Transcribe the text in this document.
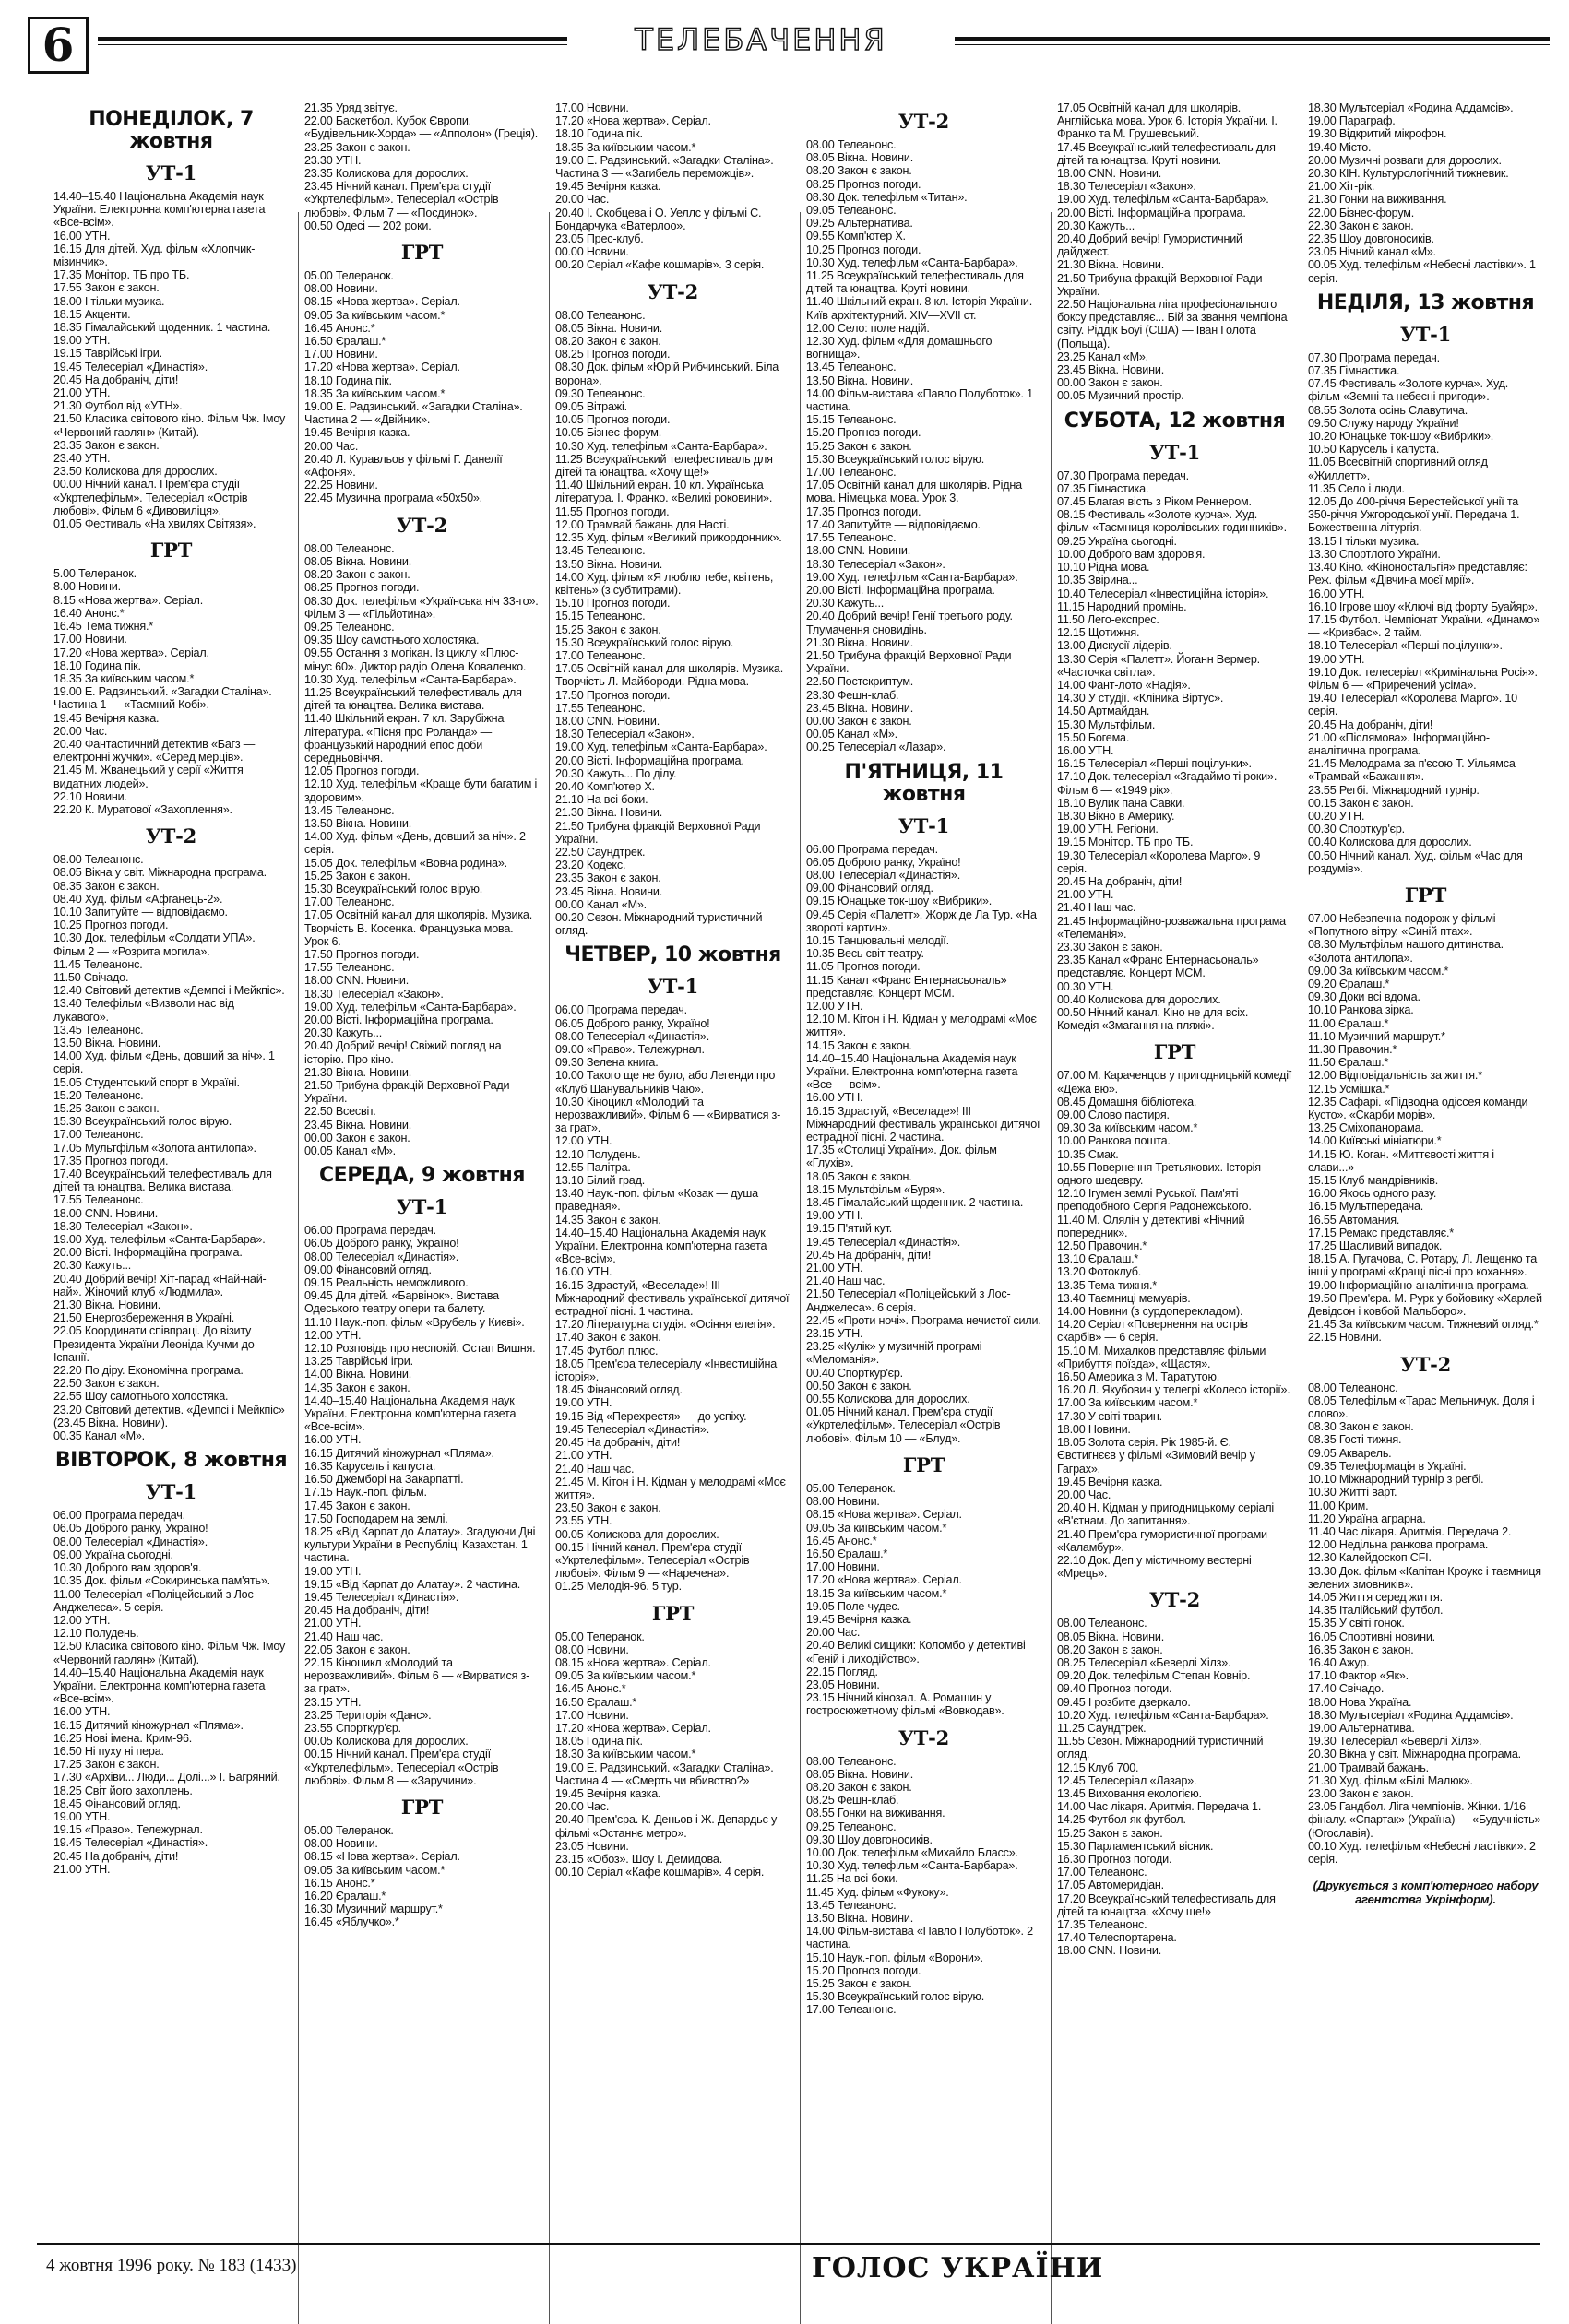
6	ТЕЛЕБАЧЕННЯ
ПОНЕДІЛОК, 7 жовтня
УТ-1
14.40–15.40 Національна Академія наук України. Електронна комп'ютерна газета «Все-всім».
16.00 УТН.
16.15 Для дітей. Худ. фільм «Хлопчик-мізинчик».
17.35 Монітор. ТБ про ТБ.
17.55 Закон є закон.
18.00 І тільки музика.
18.15 Акценти.
18.35 Гімалайський щоденник. 1 частина.
19.00 УТН.
19.15 Таврійські ігри.
19.45 Телесеріал «Династія».
20.45 На добраніч, діти!
21.00 УТН.
21.30 Футбол від «УТН».
21.50 Класика світового кіно. Фільм Чж. Імоу «Червоний гаолян» (Китай).
23.35 Закон є закон.
23.40 УТН.
23.50 Колискова для дорослих.
00.00 Нічний канал. Прем'єра студії «Укртелефільм». Телесеріал «Острів любові». Фільм 6 «Дивовиліця».
01.05 Фестиваль «На хвилях Світязя».
ГРТ
5.00 Телеранок.
8.00 Новини.
8.15 «Нова жертва». Серіал.
16.40 Анонс.*
16.45 Тема тижня.*
17.00 Новини.
17.20 «Нова жертва». Серіал.
18.10 Година пік.
18.35 За київським часом.*
19.00 Е. Радзинський. «Загадки Сталіна». Частина 1 — «Таємний Кобі».
19.45 Вечірня казка.
20.00 Час.
20.40 Фантастичний детектив «Багз — електронні жучки». «Серед мерців».
21.45 М. Жванецький у серії «Життя видатних людей».
22.10 Новини.
22.20 К. Муратової «Захоплення».
УТ-2
08.00 Телеанонс.
08.05 Вікна у світ. Міжнародна програма.
08.35 Закон є закон.
08.40 Худ. фільм «Афганець-2».
10.10 Запитуйте — відповідаємо.
10.25 Прогноз погоди.
10.30 Док. телефільм «Солдати УПА». Фільм 2 — «Розрита могила».
11.45 Телеанонс.
11.50 Свічадо.
12.40 Світовий детектив «Демпсі і Мейкпіс».
13.40 Телефільм «Визволи нас від лукавого».
13.45 Телеанонс.
13.50 Вікна. Новини.
14.00 Худ. фільм «День, довший за ніч». 1 серія.
15.05 Студентський спорт в Україні.
15.20 Телеанонс.
15.25 Закон є закон.
15.30 Всеукраїнський голос вірую.
17.00 Телеанонс.
17.05 Мультфільм «Золота антилопа».
17.35 Прогноз погоди.
17.40 Всеукраїнський телефестиваль для дітей та юнацтва. Велика вистава.
17.55 Телеанонс.
18.00 CNN. Новини.
18.30 Телесеріал «Закон».
19.00 Худ. телефільм «Санта-Барбара».
20.00 Вісті. Інформаційна програма.
20.30 Кажуть...
20.40 Добрий вечір! Хіт-парад «Най-най-най». Жіночий клуб «Людмила».
21.30 Вікна. Новини.
21.50 Енергозбереження в Україні.
22.05 Координати співпраці. До візиту Президента України Леоніда Кучми до Іспанії.
22.20 По діру. Економічна програма.
22.50 Закон є закон.
22.55 Шоу самотнього холостяка.
23.20 Світовий детектив. «Демпсі і Мейкпіс» (23.45 Вікна. Новини).
00.35 Канал «М».
ВІВТОРОК, 8 жовтня
УТ-1
06.00 Програма передач.
06.05 Доброго ранку, Україно!
08.00 Телесеріал «Династія».
09.00 Україна сьогодні.
10.30 Доброго вам здоров'я.
10.35 Док. фільм «Сокиринська пам'ять».
11.00 Телесеріал «Поліцейський з Лос-Анджелеса». 5 серія.
12.00 УТН.
12.10 Полудень.
12.50 Класика світового кіно. Фільм Чж. Імоу «Червоний гаолян» (Китай).
14.40–15.40 Національна Академія наук України. Електронна комп'ютерна газета «Все-всім».
16.00 УТН.
16.15 Дитячий кіножурнал «Пляма».
16.25 Нові імена. Крим-96.
16.50 Ні пуху ні пера.
17.25 Закон є закон.
17.30 «Архіви... Люди... Долі...» І. Багряний.
18.25 Світ його захоплень.
18.45 Фінансовий огляд.
19.00 УТН.
19.15 «Право». Тележурнал.
19.45 Телесеріал «Династія».
20.45 На добраніч, діти!
21.00 УТН.
21.35 Уряд звітує.
22.00 Баскетбол. Кубок Європи. «Будівельник-Хорда» — «Апполон» (Греція).
23.25 Закон є закон.
23.30 УТН.
23.35 Колискова для дорослих.
23.45 Нічний канал. Прем'єра студії «Укртелефільм». Телесеріал «Острів любові». Фільм 7 — «Посдинок».
00.50 Одесі — 202 роки.
ГРТ
05.00 Телеранок.
08.00 Новини.
08.15 «Нова жертва». Серіал.
09.05 За київським часом.*
16.45 Анонс.*
16.50 Єралаш.*
17.00 Новини.
17.20 «Нова жертва». Серіал.
18.10 Година пік.
18.35 За київським часом.*
19.00 Е. Радзинський. «Загадки Сталіна». Частина 2 — «Двійник».
19.45 Вечірня казка.
20.00 Час.
20.40 Л. Куравльов у фільмі Г. Данелії «Афоня».
22.25 Новини.
22.45 Музична програма «50х50».
УТ-2
08.00 Телеанонс.
08.05 Вікна. Новини.
08.20 Закон є закон.
08.25 Прогноз погоди.
08.30 Док. телефільм «Українська ніч 33-го». Фільм 3 — «Гільйотина».
09.25 Телеанонс.
09.35 Шоу самотнього холостяка.
09.55 Остання з могікан. Із циклу «Плюс-мінус 60». Диктор радіо Олена Коваленко.
10.30 Худ. телефільм «Санта-Барбара».
11.25 Всеукраїнський телефестиваль для дітей та юнацтва. Велика вистава.
11.40 Шкільний екран. 7 кл. Зарубіжна література. «Пісня про Роланда» — французький народний епос доби середньовіччя.
12.05 Прогноз погоди.
12.10 Худ. телефільм «Краще бути багатим і здоровим».
13.45 Телеанонс.
13.50 Вікна. Новини.
14.00 Худ. фільм «День, довший за ніч». 2 серія.
15.05 Док. телефільм «Вовча родина».
15.25 Закон є закон.
15.30 Всеукраїнський голос вірую.
17.00 Телеанонс.
17.05 Освітній канал для школярів. Музика. Творчість В. Косенка. Французька мова. Урок 6.
17.50 Прогноз погоди.
17.55 Телеанонс.
18.00 CNN. Новини.
18.30 Телесеріал «Закон».
19.00 Худ. телефільм «Санта-Барбара».
20.00 Вісті. Інформаційна програма.
20.30 Кажуть...
20.40 Добрий вечір! Свіжий погляд на історію. Про кіно.
21.30 Вікна. Новини.
21.50 Трибуна фракцій Верховної Ради України.
22.50 Всесвіт.
23.45 Вікна. Новини.
00.00 Закон є закон.
00.05 Канал «М».
СЕРЕДА, 9 жовтня
УТ-1
06.00 Програма передач.
06.05 Доброго ранку, Україно!
08.00 Телесеріал «Династія».
09.00 Фінансовий огляд.
09.15 Реальність неможливого.
09.45 Для дітей. «Барвінок». Вистава Одеського театру опери та балету.
11.10 Наук.-поп. фільм «Врубель у Києві».
12.00 УТН.
12.10 Розповідь про неспокій. Остап Вишня.
13.25 Таврійські ігри.
14.00 Вікна. Новини.
14.35 Закон є закон.
14.40–15.40 Національна Академія наук України. Електронна комп'ютерна газета «Все-всім».
16.00 УТН.
16.15 Дитячий кіножурнал «Пляма».
16.35 Карусель і капуста.
16.50 Джемборі на Закарпатті.
17.15 Наук.-поп. фільм.
17.45 Закон є закон.
17.50 Господарем на землі.
18.25 «Від Карпат до Алатау». Згадуючи Дні культури України в Республіці Казахстан. 1 частина.
19.00 УТН.
19.15 «Від Карпат до Алатау». 2 частина.
19.45 Телесеріал «Династія».
20.45 На добраніч, діти!
21.00 УТН.
21.40 Наш час.
22.05 Закон є закон.
22.15 Кіноцикл «Молодий та нерозважливий». Фільм 6 — «Вирватися з-за грат».
23.15 УТН.
23.25 Територія «Данс».
23.55 Спорткур'єр.
00.05 Колискова для дорослих.
00.15 Нічний канал. Прем'єра студії «Укртелефільм». Телесеріал «Острів любові». Фільм 8 — «Заручини».
ГРТ
05.00 Телеранок.
08.00 Новини.
08.15 «Нова жертва». Серіал.
09.05 За київським часом.*
16.15 Анонс.*
16.20 Єралаш.*
16.30 Музичний маршрут.*
16.45 «Яблучко».*
17.00 Новини.
17.20 «Нова жертва». Серіал.
18.10 Година пік.
18.35 За київським часом.*
19.00 Е. Радзинський. «Загадки Сталіна». Частина 3 — «Загибель переможців».
19.45 Вечірня казка.
20.00 Час.
20.40 І. Скобцева і О. Уеллс у фільмі С. Бондарчука «Ватерлоо».
23.05 Прес-клуб.
00.00 Новини.
00.20 Серіал «Кафе кошмарів». 3 серія.
УТ-2
08.00 Телеанонс.
08.05 Вікна. Новини.
08.20 Закон є закон.
08.25 Прогноз погоди.
08.30 Док. фільм «Юрій Рибчинський. Біла ворона».
09.30 Телеанонс.
09.05 Вітражі.
10.05 Прогноз погоди.
10.05 Бізнес-форум.
10.30 Худ. телефільм «Санта-Барбара».
11.25 Всеукраїнський телефестиваль для дітей та юнацтва. «Хочу ще!»
11.40 Шкільний екран. 10 кл. Українська література. І. Франко. «Великі роковини».
11.55 Прогноз погоди.
12.00 Трамвай бажань для Насті.
12.35 Худ. фільм «Великий прикордонник».
13.45 Телеанонс.
13.50 Вікна. Новини.
14.00 Худ. фільм «Я люблю тебе, квітень, квітень» (з субтитрами).
15.10 Прогноз погоди.
15.15 Телеанонс.
15.25 Закон є закон.
15.30 Всеукраїнський голос вірую.
17.00 Телеанонс.
17.05 Освітній канал для школярів. Музика. Творчість Л. Майбороди. Рідна мова.
17.50 Прогноз погоди.
17.55 Телеанонс.
18.00 CNN. Новини.
18.30 Телесеріал «Закон».
19.00 Худ. телефільм «Санта-Барбара».
20.00 Вісті. Інформаційна програма.
20.30 Кажуть... По ділу.
20.40 Комп'ютер Х.
21.10 На всі боки.
21.30 Вікна. Новини.
21.50 Трибуна фракцій Верховної Ради України.
22.50 Саундтрек.
23.20 Кодекс.
23.35 Закон є закон.
23.45 Вікна. Новини.
00.00 Канал «М».
00.20 Сезон. Міжнародний туристичний огляд.
ЧЕТВЕР, 10 жовтня
УТ-1
06.00 Програма передач.
06.05 Доброго ранку, Україно!
08.00 Телесеріал «Династія».
09.00 «Право». Тележурнал.
09.30 Зелена книга.
10.00 Такого ще не було, або Легенди про «Клуб Шанувальників Чаю».
10.30 Кіноцикл «Молодий та нерозважливий». Фільм 6 — «Вирватися з-за грат».
12.00 УТН.
12.10 Полудень.
12.55 Палітра.
13.10 Білий град.
13.40 Наук.-поп. фільм «Козак — душа праведная».
14.35 Закон є закон.
14.40–15.40 Національна Академія наук України. Електронна комп'ютерна газета «Все-всім».
16.00 УТН.
16.15 Здрастуй, «Веселаде»! III Міжнародний фестиваль української дитячої естрадної пісні. 1 частина.
17.20 Літературна студія. «Осіння елегія».
17.40 Закон є закон.
17.45 Футбол плюс.
18.05 Прем'єра телесеріалу «Інвестиційна історія».
18.45 Фінансовий огляд.
19.00 УТН.
19.15 Від «Перехрестя» — до успіху.
19.45 Телесеріал «Династія».
20.45 На добраніч, діти!
21.00 УТН.
21.40 Наш час.
21.45 М. Кітон і Н. Кідман у мелодрамі «Моє життя».
23.50 Закон є закон.
23.55 УТН.
00.05 Колискова для дорослих.
00.15 Нічний канал. Прем'єра студії «Укртелефільм». Телесеріал «Острів любові». Фільм 9 — «Наречена».
01.25 Мелодія-96. 5 тур.
ГРТ
05.00 Телеранок.
08.00 Новини.
08.15 «Нова жертва». Серіал.
09.05 За київським часом.*
16.45 Анонс.*
16.50 Єралаш.*
17.00 Новини.
17.20 «Нова жертва». Серіал.
18.05 Година пік.
18.30 За київським часом.*
19.00 Е. Радзинський. «Загадки Сталіна». Частина 4 — «Смерть чи вбивство?»
19.45 Вечірня казка.
20.00 Час.
20.40 Прем'єра. К. Деньов і Ж. Депардьє у фільмі «Останнє метро».
23.05 Новини.
23.15 «Обоз». Шоу І. Демидова.
00.10 Серіал «Кафе кошмарів». 4 серія.
УТ-2
08.00 Телеанонс.
08.05 Вікна. Новини.
08.20 Закон є закон.
08.25 Прогноз погоди.
08.30 Док. телефільм «Титан».
09.05 Телеанонс.
09.25 Альтернатива.
09.55 Комп'ютер Х.
10.25 Прогноз погоди.
10.30 Худ. телефільм «Санта-Барбара».
11.25 Всеукраїнський телефестиваль для дітей та юнацтва. Круті новини.
11.40 Шкільний екран. 8 кл. Історія України. Київ архітектурний. XIV—XVII ст.
12.00 Село: поле надій.
12.30 Худ. фільм «Для домашнього вогнища».
13.45 Телеанонс.
13.50 Вікна. Новини.
14.00 Фільм-вистава «Павло Полуботок». 1 частина.
15.15 Телеанонс.
15.20 Прогноз погоди.
15.25 Закон є закон.
15.30 Всеукраїнський голос вірую.
17.00 Телеанонс.
17.05 Освітній канал для школярів. Рідна мова. Німецька мова. Урок 3.
17.35 Прогноз погоди.
17.40 Запитуйте — відповідаємо.
17.55 Телеанонс.
18.00 CNN. Новини.
18.30 Телесеріал «Закон».
19.00 Худ. телефільм «Санта-Барбара».
20.00 Вісті. Інформаційна програма.
20.30 Кажуть...
20.40 Добрий вечір! Генії третього роду. Тлумачення сновидінь.
21.30 Вікна. Новини.
21.50 Трибуна фракцій Верховної Ради України.
22.50 Постскриптум.
23.30 Фешн-клаб.
23.45 Вікна. Новини.
00.00 Закон є закон.
00.05 Канал «М».
00.25 Телесеріал «Лазар».
П'ЯТНИЦЯ, 11 жовтня
УТ-1
06.00 Програма передач.
06.05 Доброго ранку, Україно!
08.00 Телесеріал «Династія».
09.00 Фінансовий огляд.
09.15 Юнацьке ток-шоу «Вибрики».
09.45 Серія «Палетт». Жорж де Ла Тур. «На звороті картин».
10.15 Танцювальні мелодії.
10.35 Весь світ театру.
11.05 Прогноз погоди.
11.15 Канал «Франс Ентернасьональ» представляє. Концерт МСМ.
12.00 УТН.
12.10 М. Кітон і Н. Кідман у мелодрамі «Моє життя».
14.15 Закон є закон.
14.40–15.40 Національна Академія наук України. Електронна комп'ютерна газета «Все — всім».
16.00 УТН.
16.15 Здрастуй, «Веселаде»! III Міжнародний фестиваль української дитячої естрадної пісні. 2 частина.
17.35 «Столиці України». Док. фільм «Глухів».
18.05 Закон є закон.
18.15 Мультфільм «Буря».
18.45 Гімалайський щоденник. 2 частина.
19.00 УТН.
19.15 П'ятий кут.
19.45 Телесеріал «Династія».
20.45 На добраніч, діти!
21.00 УТН.
21.40 Наш час.
21.50 Телесеріал «Поліцейський з Лос-Анджелеса». 6 серія.
22.45 «Проти ночі». Програма нечистої сили.
23.15 УТН.
23.25 «Кулік» у музичній програмі «Меломанія».
00.40 Спорткур'єр.
00.50 Закон є закон.
00.55 Колискова для дорослих.
01.05 Нічний канал. Прем'єра студії «Укртелефільм». Телесеріал «Острів любові». Фільм 10 — «Блуд».
ГРТ
05.00 Телеранок.
08.00 Новини.
08.15 «Нова жертва». Серіал.
09.05 За київським часом.*
16.45 Анонс.*
16.50 Єралаш.*
17.00 Новини.
17.20 «Нова жертва». Серіал.
18.15 За київським часом.*
19.05 Поле чудес.
19.45 Вечірня казка.
20.00 Час.
20.40 Великі сищики: Коломбо у детективі «Геній і лиходійство».
22.15 Погляд.
23.05 Новини.
23.15 Нічний кінозал. А. Ромашин у гостросюжетному фільмі «Вовкодав».
УТ-2
08.00 Телеанонс.
08.05 Вікна. Новини.
08.20 Закон є закон.
08.25 Фешн-клаб.
08.55 Гонки на виживання.
09.25 Телеанонс.
09.30 Шоу довгоносиків.
10.00 Док. телефільм «Михайло Бласс».
10.30 Худ. телефільм «Санта-Барбара».
11.25 На всі боки.
11.45 Худ. фільм «Фукоку».
13.45 Телеанонс.
13.50 Вікна. Новини.
14.00 Фільм-вистава «Павло Полуботок». 2 частина.
15.10 Наук.-поп. фільм «Ворони».
15.20 Прогноз погоди.
15.25 Закон є закон.
15.30 Всеукраїнський голос вірую.
17.00 Телеанонс.
17.05 Освітній канал для школярів. Англійська мова. Урок 6. Історія України. І. Франко та М. Грушевський.
17.45 Всеукраїнський телефестиваль для дітей та юнацтва. Круті новини.
18.00 CNN. Новини.
18.30 Телесеріал «Закон».
19.00 Худ. телефільм «Санта-Барбара».
20.00 Вісті. Інформаційна програма.
20.30 Кажуть...
20.40 Добрий вечір! Гумористичний дайджест.
21.30 Вікна. Новини.
21.50 Трибуна фракцій Верховної Ради України.
22.50 Національна ліга професіонального боксу представляє... Бій за звання чемпіона світу. Ріддік Боуі (США) — Іван Голота (Польща).
23.25 Канал «М».
23.45 Вікна. Новини.
00.00 Закон є закон.
00.05 Музичний простір.
СУБОТА, 12 жовтня
УТ-1
07.30 Програма передач.
07.35 Гімнастика.
07.45 Благая вість з Ріком Реннером.
08.15 Фестиваль «Золоте курча». Худ. фільм «Таємниця королівських годинників».
09.25 Україна сьогодні.
10.00 Доброго вам здоров'я.
10.10 Рідна мова.
10.35 Звірина...
10.40 Телесеріал «Інвестиційна історія».
11.15 Народний промінь.
11.50 Лего-експрес.
12.15 Щотижня.
13.00 Дискусії лідерів.
13.30 Серія «Палетт». Йоганн Вермер. «Часточка світла».
14.00 Фант-лото «Надія».
14.30 У студії. «Кліника Віртус».
14.50 Артмайдан.
15.30 Мультфільм.
15.50 Богема.
16.00 УТН.
16.15 Телесеріал «Перші поцілунки».
17.10 Док. телесеріал «Згадаймо ті роки». Фільм 6 — «1949 рік».
18.10 Вулик пана Савки.
18.30 Вікно в Америку.
19.00 УТН. Регіони.
19.15 Монітор. ТБ про ТБ.
19.30 Телесеріал «Королева Марго». 9 серія.
20.45 На добраніч, діти!
21.00 УТН.
21.40 Наш час.
21.45 Інформаційно-розважальна програма «Телеманія».
23.30 Закон є закон.
23.35 Канал «Франс Ентернасьональ» представляє. Концерт МСМ.
00.30 УТН.
00.40 Колискова для дорослих.
00.50 Нічний канал. Кіно не для всіх. Комедія «Змагання на пляжі».
ГРТ
07.00 М. Караченцов у пригодницькій комедії «Дежа вю».
08.45 Домашня бібліотека.
09.00 Слово пастиря.
09.30 За київським часом.*
10.00 Ранкова пошта.
10.35 Смак.
10.55 Повернення Третьякових. Історія одного шедевру.
12.10 Ігумен землі Руської. Пам'яті преподобного Сергія Радонежського.
11.40 М. Олялін у детективі «Нічний попередник».
12.50 Правочин.*
13.10 Єралаш.*
13.20 Фотоклуб.
13.35 Тема тижня.*
13.40 Таємниці мемуарів.
14.00 Новини (з сурдоперекладом).
14.20 Серіал «Повернення на острів скарбів» — 6 серія.
15.10 М. Михалков представляє фільми «Прибуття поїзда», «Щастя».
16.50 Америка з М. Таратутою.
16.20 Л. Якубович у телегрі «Колесо історії».
17.00 За київським часом.*
17.30 У світі тварин.
18.00 Новини.
18.05 Золота серія. Рік 1985-й. Є. Євстигнєєв у фільмі «Зимовий вечір у Гаграх».
19.45 Вечірня казка.
20.00 Час.
20.40 Н. Кідман у пригодницькому серіалі «В'єтнам. До запитання».
21.40 Прем'єра гумористичної програми «Каламбур».
22.10 Док. Деп у містичному вестерні «Мрець».
УТ-2
08.00 Телеанонс.
08.05 Вікна. Новини.
08.20 Закон є закон.
08.25 Телесеріал «Беверлі Хілз».
09.20 Док. телефільм Степан Ковнір.
09.40 Прогноз погоди.
09.45 І розбите дзеркало.
10.20 Худ. телефільм «Санта-Барбара».
11.25 Саундтрек.
11.55 Сезон. Міжнародний туристичний огляд.
12.15 Клуб 700.
12.45 Телесеріал «Лазар».
13.45 Виховання екологією.
14.00 Час лікаря. Аритмія. Передача 1.
14.25 Футбол як футбол.
15.25 Закон є закон.
15.30 Парламентський вісник.
16.30 Прогноз погоди.
17.00 Телеанонс.
17.05 Автомеридіан.
17.20 Всеукраїнський телефестиваль для дітей та юнацтва. «Хочу ще!»
17.35 Телеанонс.
17.40 Телеспортарена.
18.00 CNN. Новини.
18.30 Мультсеріал «Родина Аддамсів».
19.00 Параграф.
19.30 Відкритий мікрофон.
19.40 Місто.
20.00 Музичні розваги для дорослих.
20.30 КІН. Культурологічний тижневик.
21.00 Хіт-рік.
21.30 Гонки на виживання.
22.00 Бізнес-форум.
22.30 Закон є закон.
22.35 Шоу довгоносиків.
23.05 Нічний канал «М».
00.05 Худ. телефільм «Небесні ластівки». 1 серія.
НЕДІЛЯ, 13 жовтня
УТ-1
07.30 Програма передач.
07.35 Гімнастика.
07.45 Фестиваль «Золоте курча». Худ. фільм «Земні та небесні пригоди».
08.55 Золота осінь Славутича.
09.50 Служу народу України!
10.20 Юнацьке ток-шоу «Вибрики».
10.50 Карусель і капуста.
11.05 Всесвітній спортивний огляд «Жиллетт».
11.35 Село і люди.
12.05 До 400-річчя Берестейської унії та 350-річчя Ужгородської унії. Передача 1. Божественна літургія.
13.15 І тільки музика.
13.30 Спортлото України.
13.40 Кіно. «Кіноностальгія» представляє: Реж. фільм «Дівчина моєї мрії».
16.00 УТН.
16.10 Ігрове шоу «Ключі від форту Буайяр».
17.15 Футбол. Чемпіонат України. «Динамо» — «Кривбас». 2 тайм.
18.10 Телесеріал «Перші поцілунки».
19.00 УТН.
19.10 Док. телесеріал «Кримінальна Росія». Фільм 6 — «Приречений усіма».
19.40 Телесеріал «Королева Марго». 10 серія.
20.45 На добраніч, діти!
21.00 «Післямова». Інформаційно-аналітична програма.
21.45 Мелодрама за п'єсою Т. Уільямса «Трамвай «Бажання».
23.55 Регбі. Міжнародний турнір.
00.15 Закон є закон.
00.20 УТН.
00.30 Спорткур'єр.
00.40 Колискова для дорослих.
00.50 Нічний канал. Худ. фільм «Час для роздумів».
ГРТ
07.00 Небезпечна подорож у фільмі «Попутного вітру, «Синій птах».
08.30 Мультфільм нашого дитинства. «Золота антилопа».
09.00 За київським часом.*
09.20 Єралаш.*
09.30 Доки всі вдома.
10.10 Ранкова зірка.
11.00 Єралаш.*
11.10 Музичний маршрут.*
11.30 Правочин.*
11.50 Єралаш.*
12.00 Відповідальність за життя.*
12.15 Усмішка.*
12.35 Сафарі. «Підводна одіссея команди Кусто». «Скарби морів».
13.25 Сміхопанорама.
14.00 Київські мініатюри.*
14.15 Ю. Коган. «Миттєвості життя і слави...»
15.15 Клуб мандрівників.
16.00 Якось одного разу.
16.15 Мультпередача.
16.55 Автомания.
17.15 Ремакс представляє.*
17.25 Щасливий випадок.
18.15 А. Пугачова, С. Ротару, Л. Лещенко та інші у програмі «Кращі пісні про кохання».
19.00 Інформаційно-аналітична програма.
19.50 Прем'єра. М. Рурк у бойовику «Харлей Девідсон і ковбой Мальборо».
21.45 За київським часом. Тижневий огляд.*
22.15 Новини.
УТ-2
08.00 Телеанонс.
08.05 Телефільм «Тарас Мельничук. Доля і слово».
08.30 Закон є закон.
08.35 Гості тижня.
09.05 Акварель.
09.35 Телеформація в Україні.
10.10 Міжнародний турнір з регбі.
10.30 Житті варт.
11.00 Крим.
11.20 Україна аграрна.
11.40 Час лікаря. Аритмія. Передача 2.
12.00 Недільна ранкова програма.
12.30 Калейдоскоп CFI.
13.30 Док. фільм «Капітан Кроукс і таємниця зелених змовників».
14.05 Життя серед життя.
14.35 Італійський футбол.
15.35 У світі гонок.
16.05 Спортивні новини.
16.35 Закон є закон.
16.40 Ажур.
17.10 Фактор «Як».
17.40 Свічадо.
18.00 Нова Україна.
18.30 Мультсеріал «Родина Аддамсів».
19.00 Альтернатива.
19.30 Телесеріал «Беверлі Хілз».
20.30 Вікна у світ. Міжнародна програма.
21.00 Трамвай бажань.
21.30 Худ. фільм «Білі Малюк».
23.00 Закон є закон.
23.05 Гандбол. Ліга чемпіонів. Жінки. 1/16 фіналу. «Спартак» (Україна) — «Будучність» (Югославія).
00.10 Худ. телефільм «Небесні ластівки». 2 серія.
(Друкується з комп'ютерного набору агентства Укрінформ).
4 жовтня 1996 року. № 183 (1433)	ГОЛОС УКРАЇНИ
